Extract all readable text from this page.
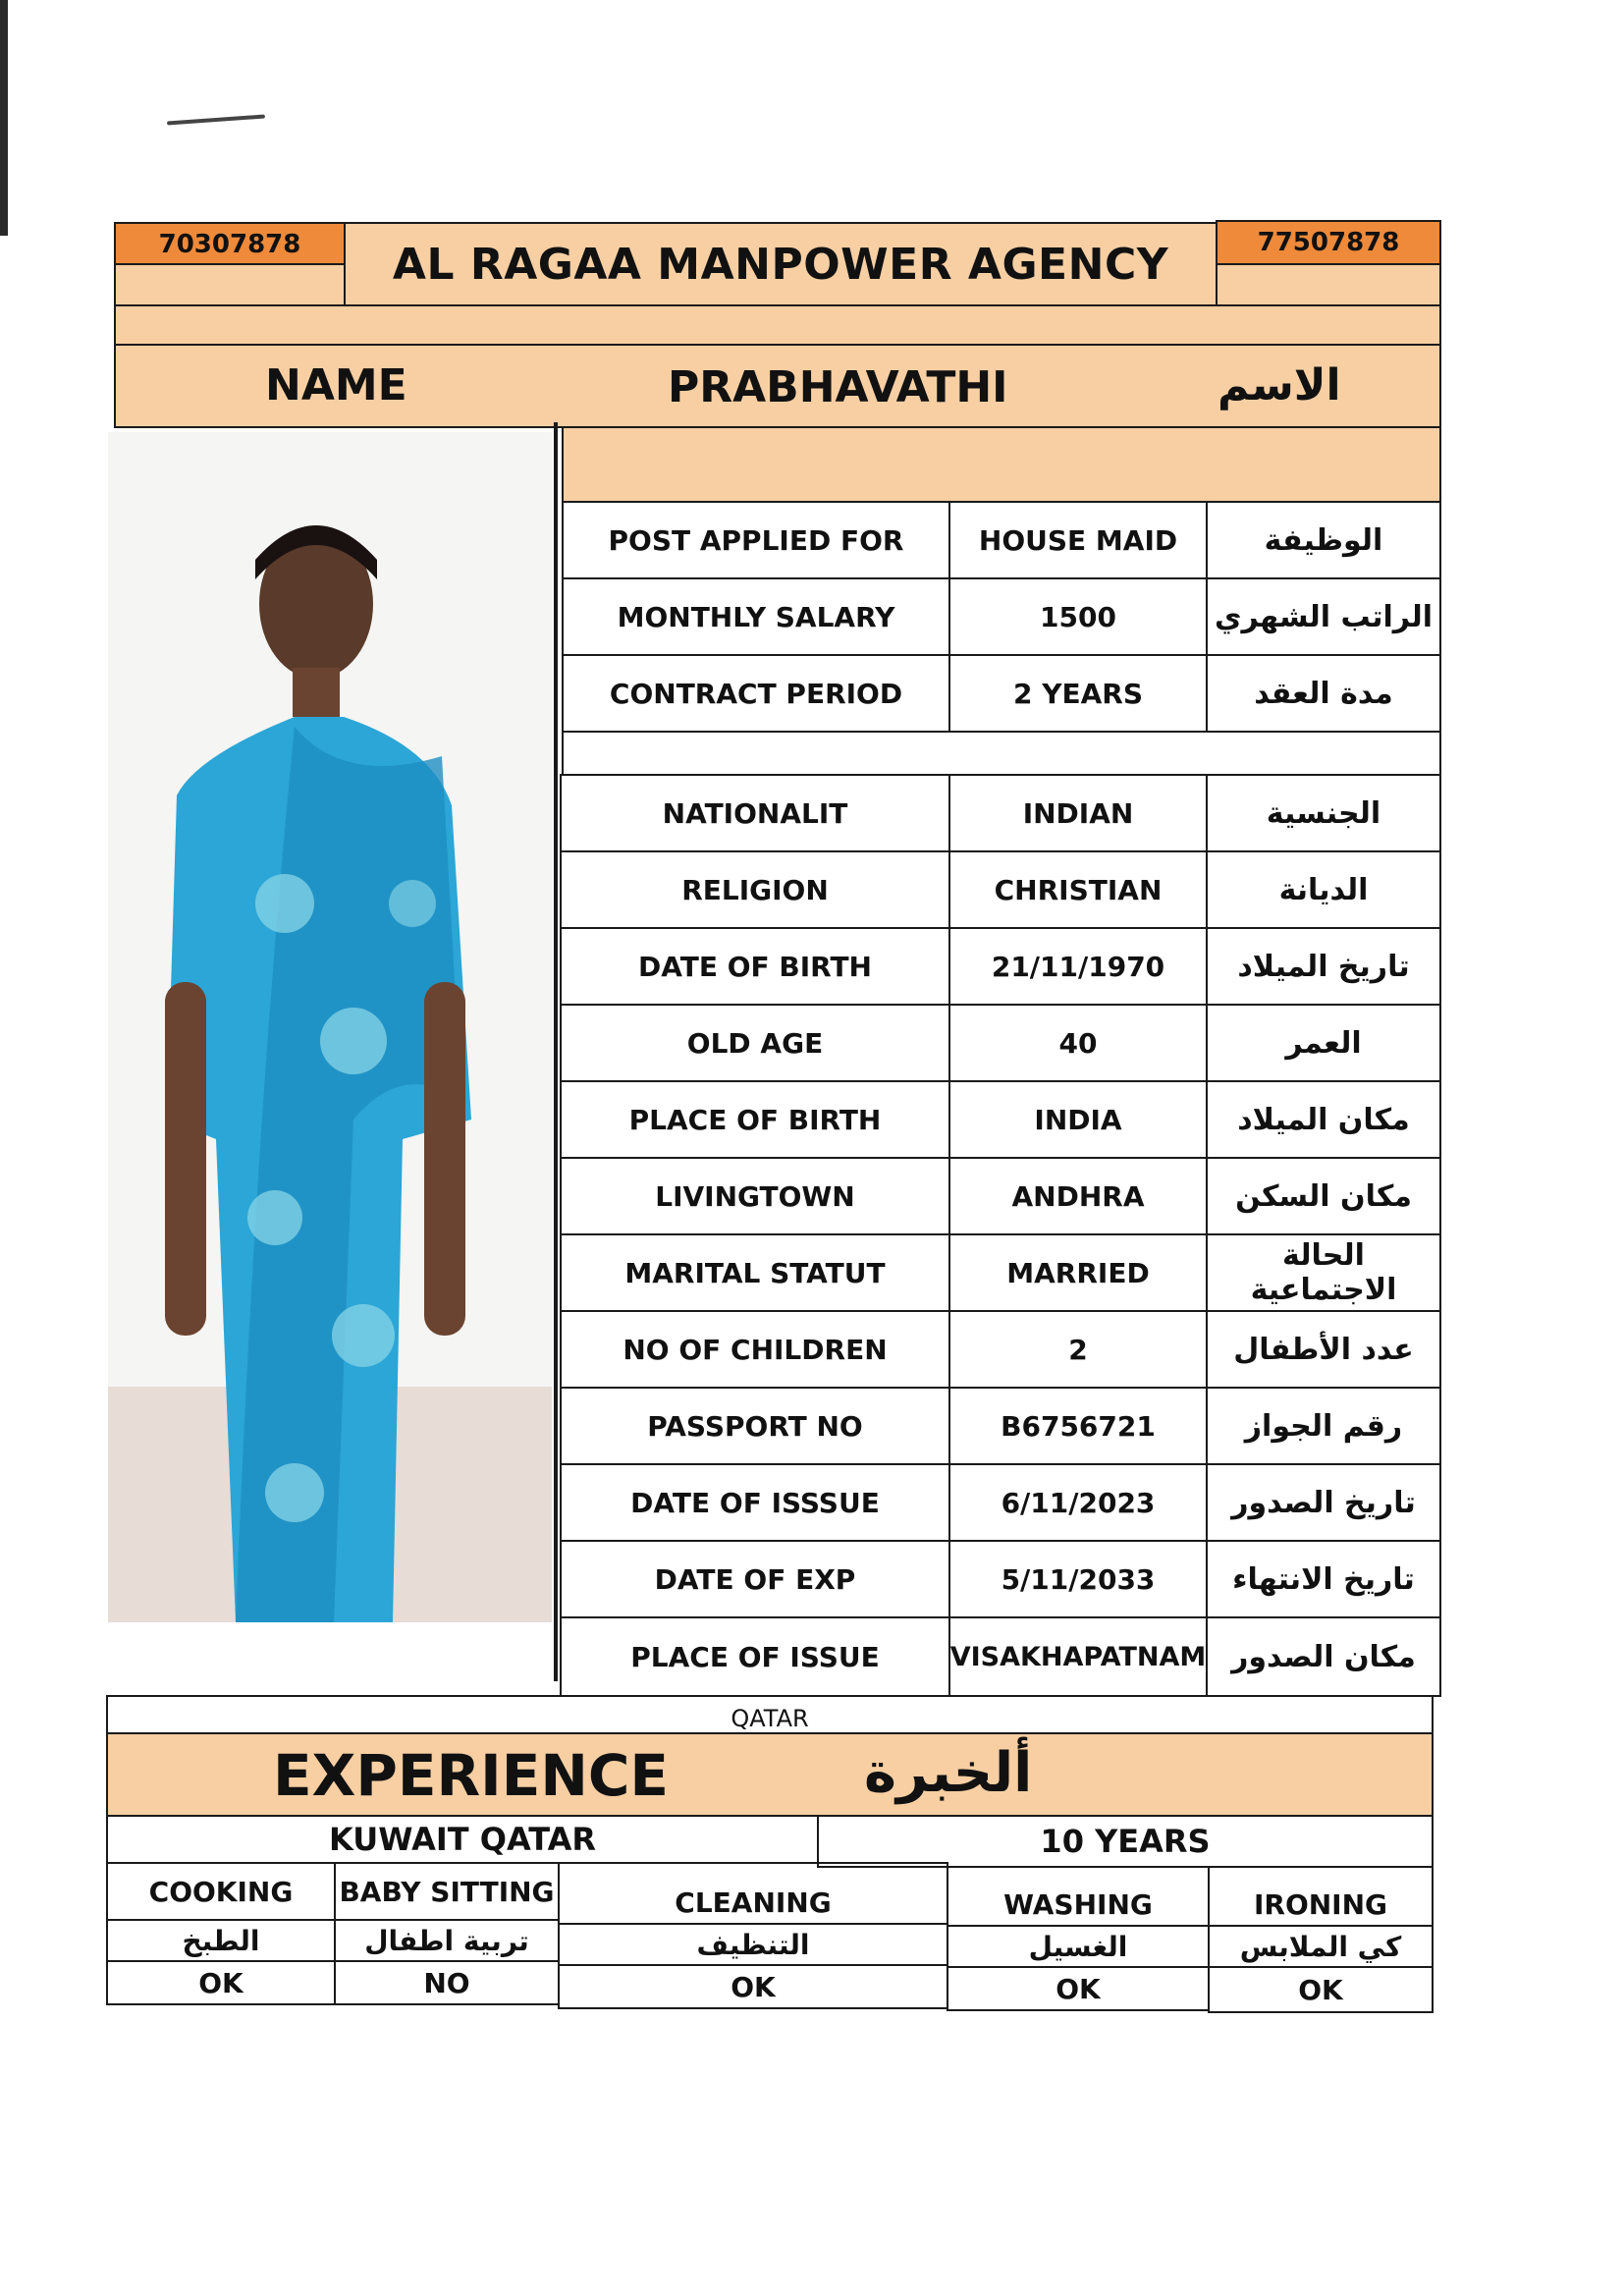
70307878	AL RAGAA MANPOWER AGENCY	77507878
NAME	PRABHAVATHI	الاسم
POST APPLIED FOR	HOUSE MAID	الوظيفة
MONTHLY SALARY	1500	الراتب الشهري
CONTRACT PERIOD	2 YEARS	مدة العقد
NATIONALIT	INDIAN	الجنسية
RELIGION	CHRISTIAN	الديانة
DATE OF BIRTH	21/11/1970	تاريخ الميلاد
OLD AGE	40	العمر
PLACE OF BIRTH	INDIA	مكان الميلاد
LIVINGTOWN	ANDHRA	مكان السكن
MARITAL STATUT	MARRIED	الحالة الاجتماعية
NO OF CHILDREN	2	عدد الأطفال
PASSPORT NO	B6756721	رقم الجواز
DATE OF ISSSUE	6/11/2023	تاريخ الصدور
DATE OF EXP	5/11/2033	تاريخ الانتهاء
PLACE OF ISSUE	VISAKHAPATNAM مكان الصدور
QATAR
EXPERIENCE	ألخبرة
KUWAIT QATAR	10 YEARS
COOKING	BABY SITTING	CLEANING	WASHING	IRONING
الطبخ	تربية اطفال	التنظيف	الغسيل	كي الملابس
OK	NO	OK	OK	OK
